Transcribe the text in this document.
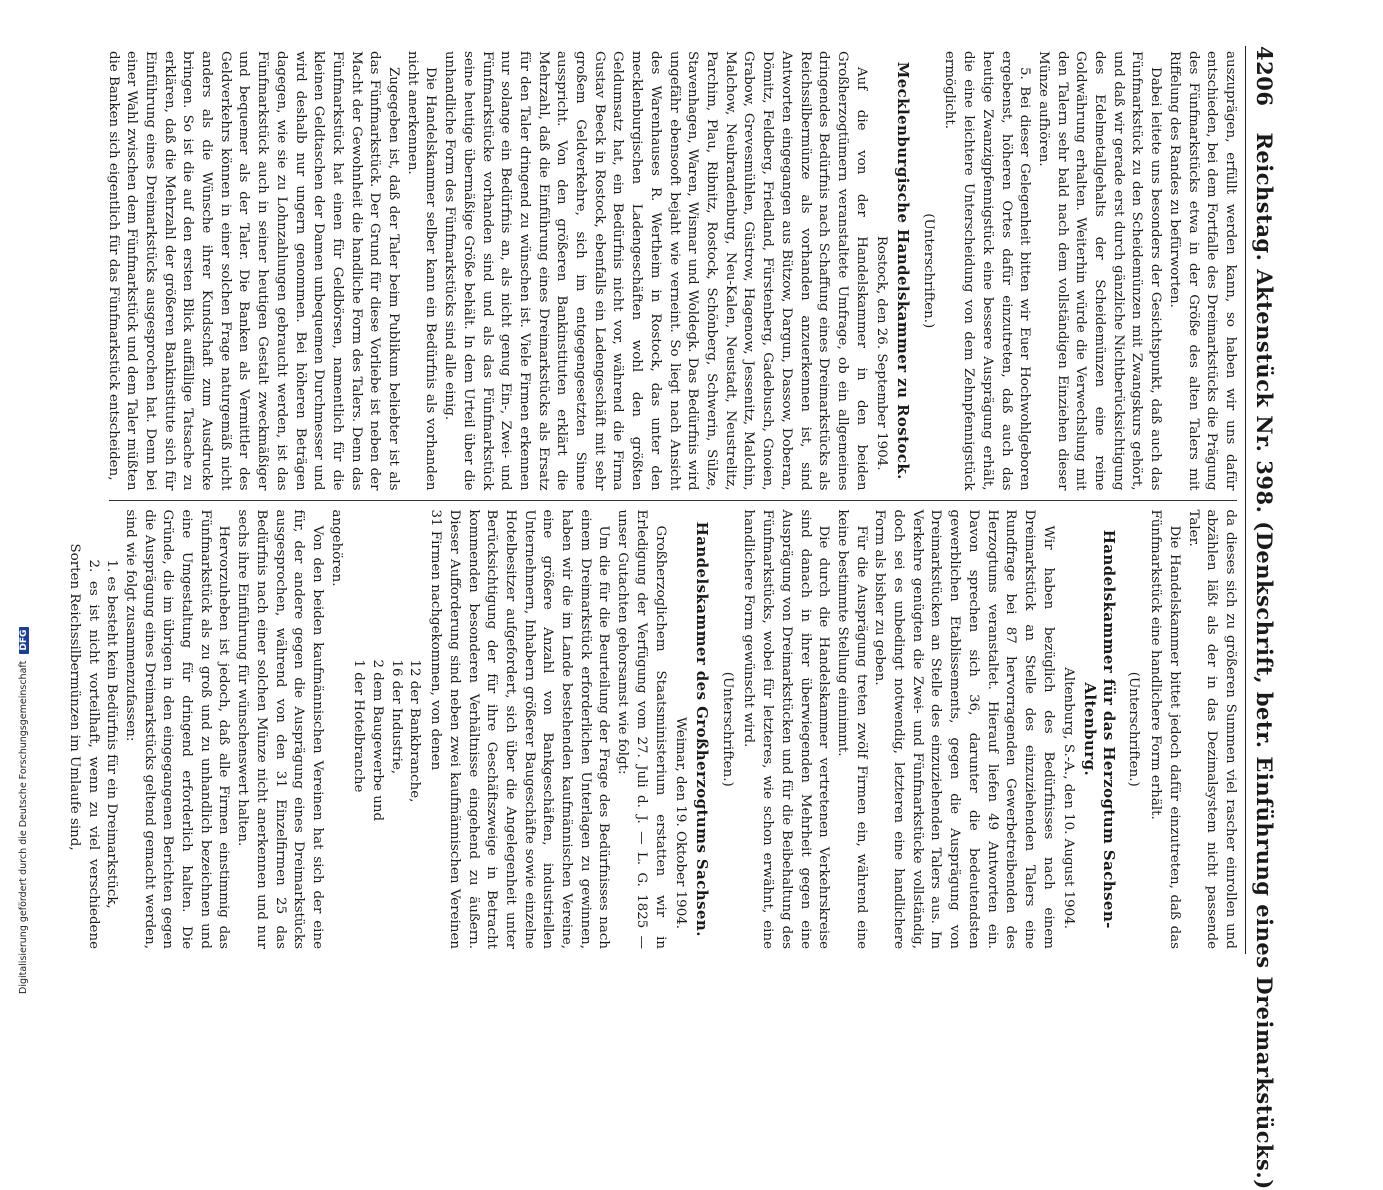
4206
Reichstag. Aktenstück Nr. 398. (Denkschrift, betr. Einführung eines Dreimarkstücks.)

auszuprägen, erfüllt werden kann, so haben wir uns dafür entschieden, bei dem Fortfalle des Dreimarkstücks die Prägung des Fünfmarkstücks etwa in der Größe des alten Talers mit Riffelung des Randes zu befürworten.

Dabei leitete uns besonders der Gesichtspunkt, daß auch das Fünfmarkstück zu den Scheidemünzen mit Zwangskurs gehört, und daß wir gerade erst durch gänzliche Nichtberücksichtigung des Edelmetallgehalts der Scheidemünzen eine reine Goldwährung erhalten. Weiterhin würde die Verwechslung mit den Talern sehr bald nach dem vollständigen Einziehen dieser Münze aufhören.

5. Bei dieser Gelegenheit bitten wir Euer Hochwohlgeboren ergebenst, höheren Ortes dafür einzutreten, daß auch das heutige Zwanzigpfennigstück eine bessere Ausprägung erhält, die eine leichtere Unterscheidung von dem Zehnpfennigstück ermöglicht.

(Unterschriften.)
Mecklenburgische Handelskammer zu Rostock.
Rostock, den 26. September 1904.

Auf die von der Handelskammer in den beiden Großherzogtümern veranstaltete Umfrage, ob ein allgemeines dringendes Bedürfnis nach Schaffung eines Dreimarkstücks als Reichssilbermünze als vorhanden anzuerkennen ist, sind Antworten eingegangen aus Bützow, Dargun, Dassow, Doberan, Dömitz, Feldberg, Friedland, Fürstenberg, Gadebusch, Gnoien, Grabow, Grevesmühlen, Güstrow, Hagenow, Jessenitz, Malchin, Malchow, Neubrandenburg, Neu-Kalen, Neustadt, Neustrelitz, Parchim, Plau, Ribnitz, Rostock, Schönberg, Schwerin, Sülze, Stavenhagen, Waren, Wismar und Woldegk. Das Bedürfnis wird ungefähr ebensooft bejaht wie verneint. So liegt nach Ansicht des Warenhauses R. Wertheim in Rostock, das unter den mecklenburgischen Ladengeschäften wohl den größten Geldumsatz hat, ein Bedürfnis nicht vor, während die Firma Gustav Beeck in Rostock, ebenfalls ein Ladengeschäft mit sehr großem Geldverkehre, sich im entgegengesetzten Sinne ausspricht. Von den größeren Bankinstituten erklärt die Mehrzahl, daß die Einführung eines Dreimarkstücks als Ersatz für den Taler dringend zu wünschen ist. Viele Firmen erkennen nur solange ein Bedürfnis an, als nicht genug Ein-, Zwei- und Fünfmarkstücke vorhanden sind und als das Fünfmarkstück seine heutige übermäßige Größe behält. In dem Urteil über die unhandliche Form des Fünfmarkstücks sind alle einig.

Die Handelskammer selber kann ein Bedürfnis als vorhanden nicht anerkennen.

Zugegeben ist, daß der Taler beim Publikum beliebter ist als das Fünfmarkstück. Der Grund für diese Vorliebe ist neben der Macht der Gewohnheit die handliche Form des Talers. Denn das Fünfmarkstück hat einen für Geldbörsen, namentlich für die kleinen Geldtaschen der Damen unbequemen Durchmesser und wird deshalb nur ungern genommen. Bei höheren Beträgen dagegen, wie sie zu Lohnzahlungen gebraucht werden, ist das Fünfmarkstück auch in seiner heutigen Gestalt zweckmäßiger und bequemer als der Taler. Die Banken als Vermittler des Geldverkehrs können in einer solchen Frage naturgemäß nicht anders als die Wünsche ihrer Kundschaft zum Ausdrucke bringen. So ist die auf den ersten Blick auffällige Tatsache zu erklären, daß die Mehrzahl der größeren Bankinstitute sich für Einführung eines Dreimarkstücks ausgesprochen hat. Denn bei einer Wahl zwischen dem Fünfmarkstück und dem Taler müßten die Banken sich eigentlich für das Fünfmarkstück entscheiden,

da dieses sich zu größeren Summen viel rascher einrollen und abzählen läßt als der in das Dezimalsystem nicht passende Taler.

Die Handelskammer bittet jedoch dafür einzutreten, daß das Fünfmarkstück eine handlichere Form erhält.

(Unterschriften.)
Handelskammer für das Herzogtum Sachsen-Altenburg.
Altenburg, S.-A., den 10. August 1904.

Wir haben bezüglich des Bedürfnisses nach einem Dreimarkstück an Stelle des einzuziehenden Talers eine Rundfrage bei 87 hervorragenden Gewerbetreibenden des Herzogtums veranstaltet. Hierauf liefen 49 Antworten ein. Davon sprechen sich 36, darunter die bedeutendsten gewerblichen Etablissements, gegen die Ausprägung von Dreimarkstücken an Stelle des einzuziehenden Talers aus. Im Verkehre genügten die Zwei- und Fünfmarkstücke vollständig, doch sei es unbedingt notwendig, letzteren eine handlichere Form als bisher zu geben.

Für die Ausprägung treten zwölf Firmen ein, während eine keine bestimmte Stellung einnimmt.

Die durch die Handelskammer vertretenen Verkehrskreise sind danach in ihrer überwiegenden Mehrheit gegen eine Ausprägung von Dreimarkstücken und für die Beibehaltung des Fünfmarkstücks, wobei für letzteres, wie schon erwähnt, eine handlichere Form gewünscht wird.

(Unterschriften.)
Handelskammer des Großherzogtums Sachsen.
Weimar, den 19. Oktober 1904.

Großherzoglichem Staatsministerium erstatten wir in Erledigung der Verfügung vom 27. Juli d. J. — L. G. 1825 — unser Gutachten gehorsamst wie folgt:

Um die für die Beurteilung der Frage des Bedürfnisses nach einem Dreimarkstück erforderlichen Unterlagen zu gewinnen, haben wir die im Lande bestehenden kaufmännischen Vereine, eine größere Anzahl von Bankgeschäften, industriellen Unternehmern, Inhabern größerer Baugeschäfte sowie einzelne Hotelbesitzer aufgefordert, sich über die Angelegenheit unter Berücksichtigung der für ihre Geschäftszweige in Betracht kommenden besonderen Verhältnisse eingehend zu äußern. Dieser Aufforderung sind neben zwei kaufmännischen Vereinen 31 Firmen nachgekommen, von denen

12 der Bankbranche,
16 der Industrie,
2 dem Baugewerbe und
1 der Hotelbranche

angehören.

Von den beiden kaufmännischen Vereinen hat sich der eine für, der andere gegen die Ausprägung eines Dreimarkstücks ausgesprochen, während von den 31 Einzelfirmen 25 das Bedürfnis nach einer solchen Münze nicht anerkennen und nur sechs ihre Einführung für wünschenswert halten.

Hervorzuheben ist jedoch, daß alle Firmen einstimmig das Fünfmarkstück als zu groß und zu unhandlich bezeichnen und eine Umgestaltung für dringend erforderlich halten. Die Gründe, die im übrigen in den eingegangenen Berichten gegen die Ausprägung eines Dreimarkstücks geltend gemacht werden, sind wie folgt zusammenzufassen:

1. es besteht kein Bedürfnis für ein Dreimarkstück,

2. es ist nicht vorteilhaft, wenn zu viel verschiedene Sorten Reichssilbermünzen im Umlaufe sind,

Digitalisierung gefördert durch die Deutsche Forschungsgemeinschaft DFG
